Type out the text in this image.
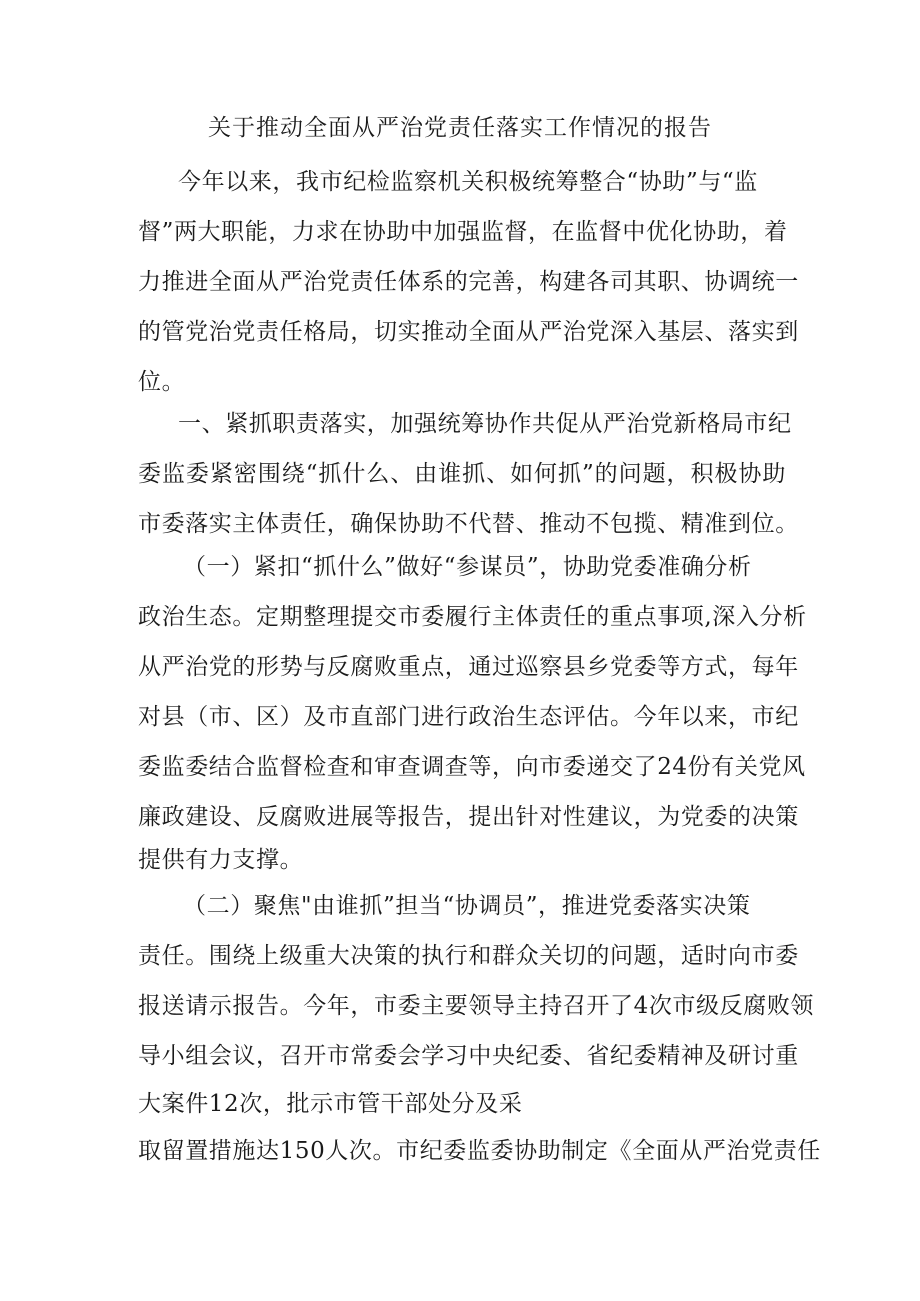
关于推动全面从严治党责任落实工作情况的报告
今年以来，我市纪检监察机关积极统筹整合“协助”与“监
督”两大职能，力求在协助中加强监督，在监督中优化协助，着
力推进全面从严治党责任体系的完善，构建各司其职、协调统一
的管党治党责任格局，切实推动全面从严治党深入基层、落实到
位。
一、紧抓职责落实，加强统筹协作共促从严治党新格局市纪
委监委紧密围绕“抓什么、由谁抓、如何抓”的问题，积极协助
市委落实主体责任，确保协助不代替、推动不包揽、精准到位。
（一）紧扣“抓什么”做好“参谋员”，协助党委准确分析
政治生态。定期整理提交市委履行主体责任的重点事项,深入分析
从严治党的形势与反腐败重点，通过巡察县乡党委等方式，每年
对县（市、区）及市直部门进行政治生态评估。今年以来，市纪
委监委结合监督检查和审查调查等，向市委递交了24份有关党风
廉政建设、反腐败进展等报告，提出针对性建议，为党委的决策
提供有力支撑。
（二）聚焦"由谁抓”担当“协调员”，推进党委落实决策
责任。围绕上级重大决策的执行和群众关切的问题，适时向市委
报送请示报告。今年，市委主要领导主持召开了4次市级反腐败领
导小组会议，召开市常委会学习中央纪委、省纪委精神及研讨重
大案件12次，批示市管干部处分及采
取留置措施达150人次。市纪委监委协助制定《全面从严治党责任
